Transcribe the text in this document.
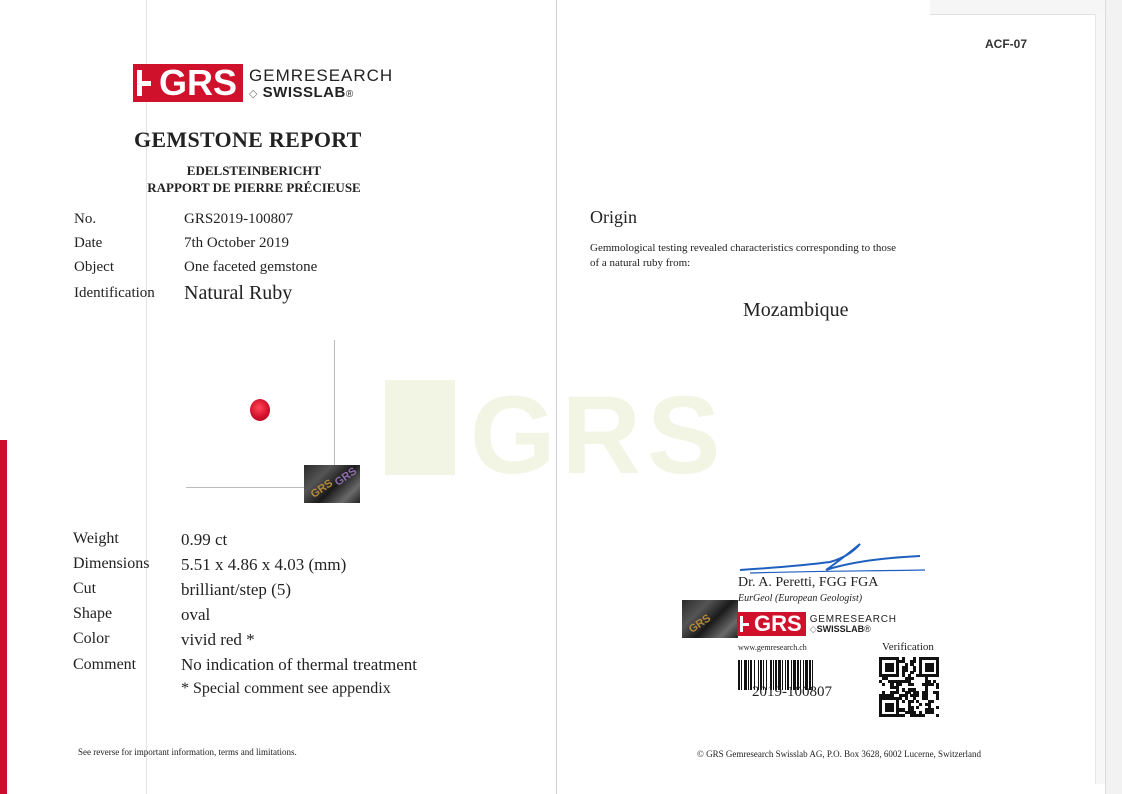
GRS
ACF-07
GRS GEMRESEARCH
◇ SWISSLAB®
GEMSTONE REPORT
EDELSTEINBERICHT
RAPPORT DE PIERRE PRÉCIEUSE
No.	GRS2019-100807
Date	7th October 2019
Object	One faceted gemstone
Identification Natural Ruby
GRS
GRS
Weight	0.99 ct
Dimensions 5.51 x 4.86 x 4.03 (mm)
Cut	brilliant/step (5)
Shape	oval
Color	vivid red *
Comment	No indication of thermal treatment
* Special comment see appendix
See reverse for important information, terms and limitations.
Origin
Gemmological testing revealed characteristics corresponding to those
of a natural ruby from:
Mozambique
Dr. A. Peretti, FGG FGA
EurGeol (European Geologist)
GRS GRS GEMRESEARCH
◇SWISSLAB®
www.gemresearch.ch	Verification
2019-100807
© GRS Gemresearch Swisslab AG, P.O. Box 3628, 6002 Lucerne, Switzerland
